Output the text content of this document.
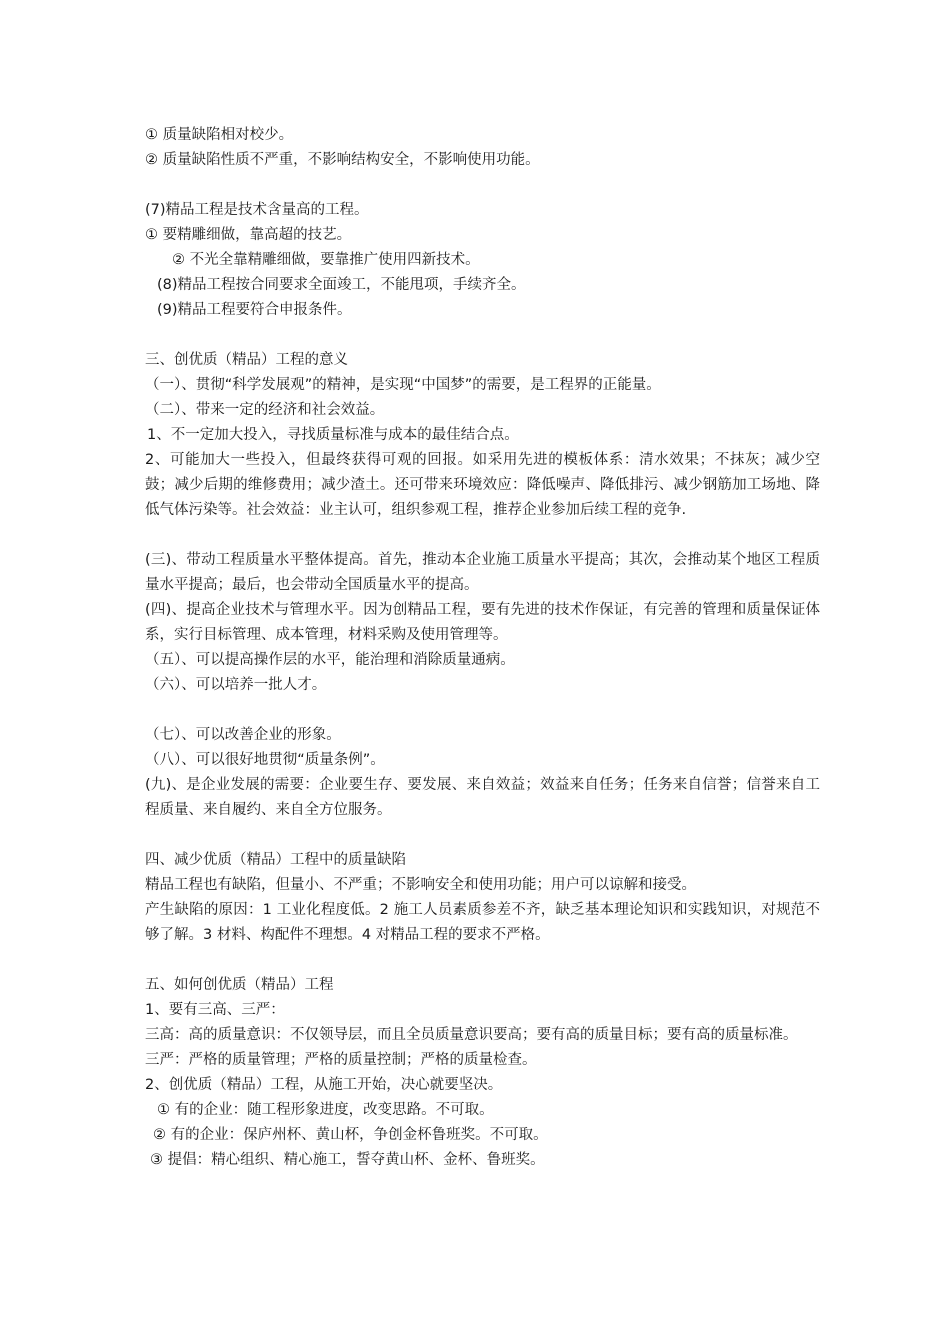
① 质量缺陷相对校少。
② 质量缺陷性质不严重，不影响结构安全，不影响使用功能。
(7)精品工程是技术含量高的工程。
① 要精雕细做，靠高超的技艺。
② 不光全靠精雕细做，要靠推广使用四新技术。
(8)精品工程按合同要求全面竣工，不能甩项，手续齐全。
(9)精品工程要符合申报条件。
三、创优质（精品）工程的意义
（一）、贯彻“科学发展观”的精神，是实现“中国梦”的需要，是工程界的正能量。
（二）、带来一定的经济和社会效益。
1、不一定加大投入，寻找质量标准与成本的最佳结合点。
2、可能加大一些投入，但最终获得可观的回报。如采用先进的模板体系：清水效果；不抹灰；减少空鼓；减少后期的维修费用；减少渣土。还可带来环境效应：降低噪声、降低排污、减少钢筋加工场地、降低气体污染等。社会效益：业主认可，组织参观工程，推荐企业参加后续工程的竞争.
(三)、带动工程质量水平整体提高。首先，推动本企业施工质量水平提高；其次，会推动某个地区工程质量水平提高；最后，也会带动全国质量水平的提高。
(四)、提高企业技术与管理水平。因为创精品工程，要有先进的技术作保证，有完善的管理和质量保证体系，实行目标管理、成本管理，材料采购及使用管理等。
（五）、可以提高操作层的水平，能治理和消除质量通病。
（六）、可以培养一批人才。
（七）、可以改善企业的形象。
（八）、可以很好地贯彻“质量条例”。
(九)、是企业发展的需要：企业要生存、要发展、来自效益；效益来自任务；任务来自信誉；信誉来自工程质量、来自履约、来自全方位服务。
四、减少优质（精品）工程中的质量缺陷
精品工程也有缺陷，但量小、不严重；不影响安全和使用功能；用户可以谅解和接受。
产生缺陷的原因：1 工业化程度低。2 施工人员素质参差不齐，缺乏基本理论知识和实践知识，对规范不够了解。3 材料、构配件不理想。4 对精品工程的要求不严格。
五、如何创优质（精品）工程
1、要有三高、三严：
三高：高的质量意识：不仅领导层，而且全员质量意识要高；要有高的质量目标；要有高的质量标准。
三严：严格的质量管理；严格的质量控制；严格的质量检查。
2、创优质（精品）工程，从施工开始，决心就要坚决。
① 有的企业：随工程形象进度，改变思路。不可取。
② 有的企业：保庐州杯、黄山杯，争创金杯鲁班奖。不可取。
③ 提倡：精心组织、精心施工，誓夺黄山杯、金杯、鲁班奖。
